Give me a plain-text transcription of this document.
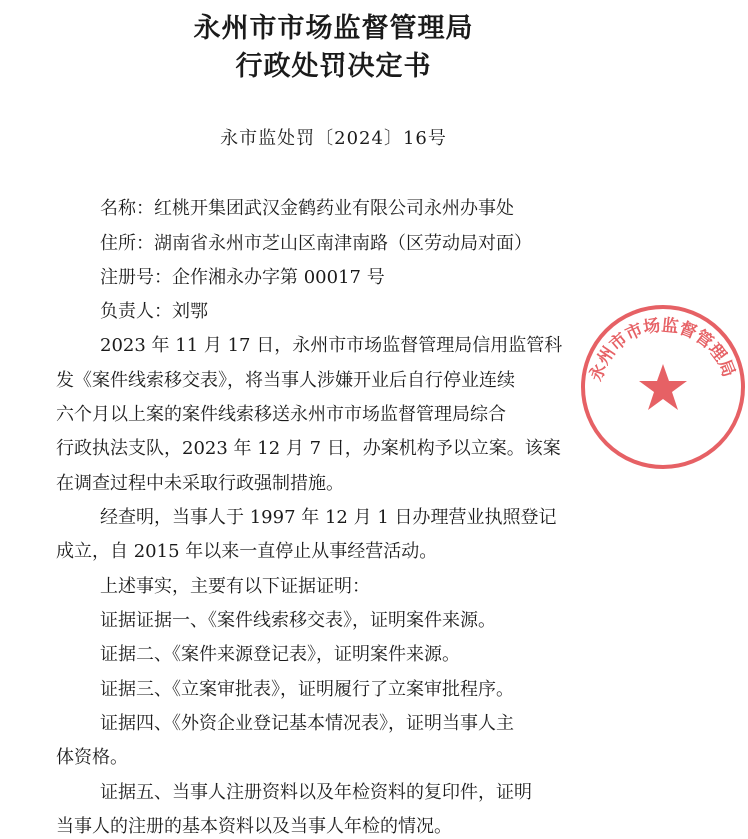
永州市市场监督管理局
行政处罚决定书
永市监处罚〔2024〕16号
名称：红桃开集团武汉金鹤药业有限公司永州办事处
住所：湖南省永州市芝山区南津南路（区劳动局对面）
注册号：企作湘永办字第 00017 号
负责人：刘鄂
2023 年 11 月 17 日，永州市市场监督管理局信用监管科
发《案件线索移交表》，将当事人涉嫌开业后自行停业连续
六个月以上案的案件线索移送永州市市场监督管理局综合
行政执法支队，2023 年 12 月 7 日，办案机构予以立案。该案
在调查过程中未采取行政强制措施。
经查明，当事人于 1997 年 12 月 1 日办理营业执照登记
成立，自 2015 年以来一直停止从事经营活动。
上述事实，主要有以下证据证明：
证据证据一、《案件线索移交表》，证明案件来源。
证据二、《案件来源登记表》，证明案件来源。
证据三、《立案审批表》，证明履行了立案审批程序。
证据四、《外资企业登记基本情况表》，证明当事人主
体资格。
证据五、当事人注册资料以及年检资料的复印件，证明
当事人的注册的基本资料以及当事人年检的情况。
永州市市场监督管理局
